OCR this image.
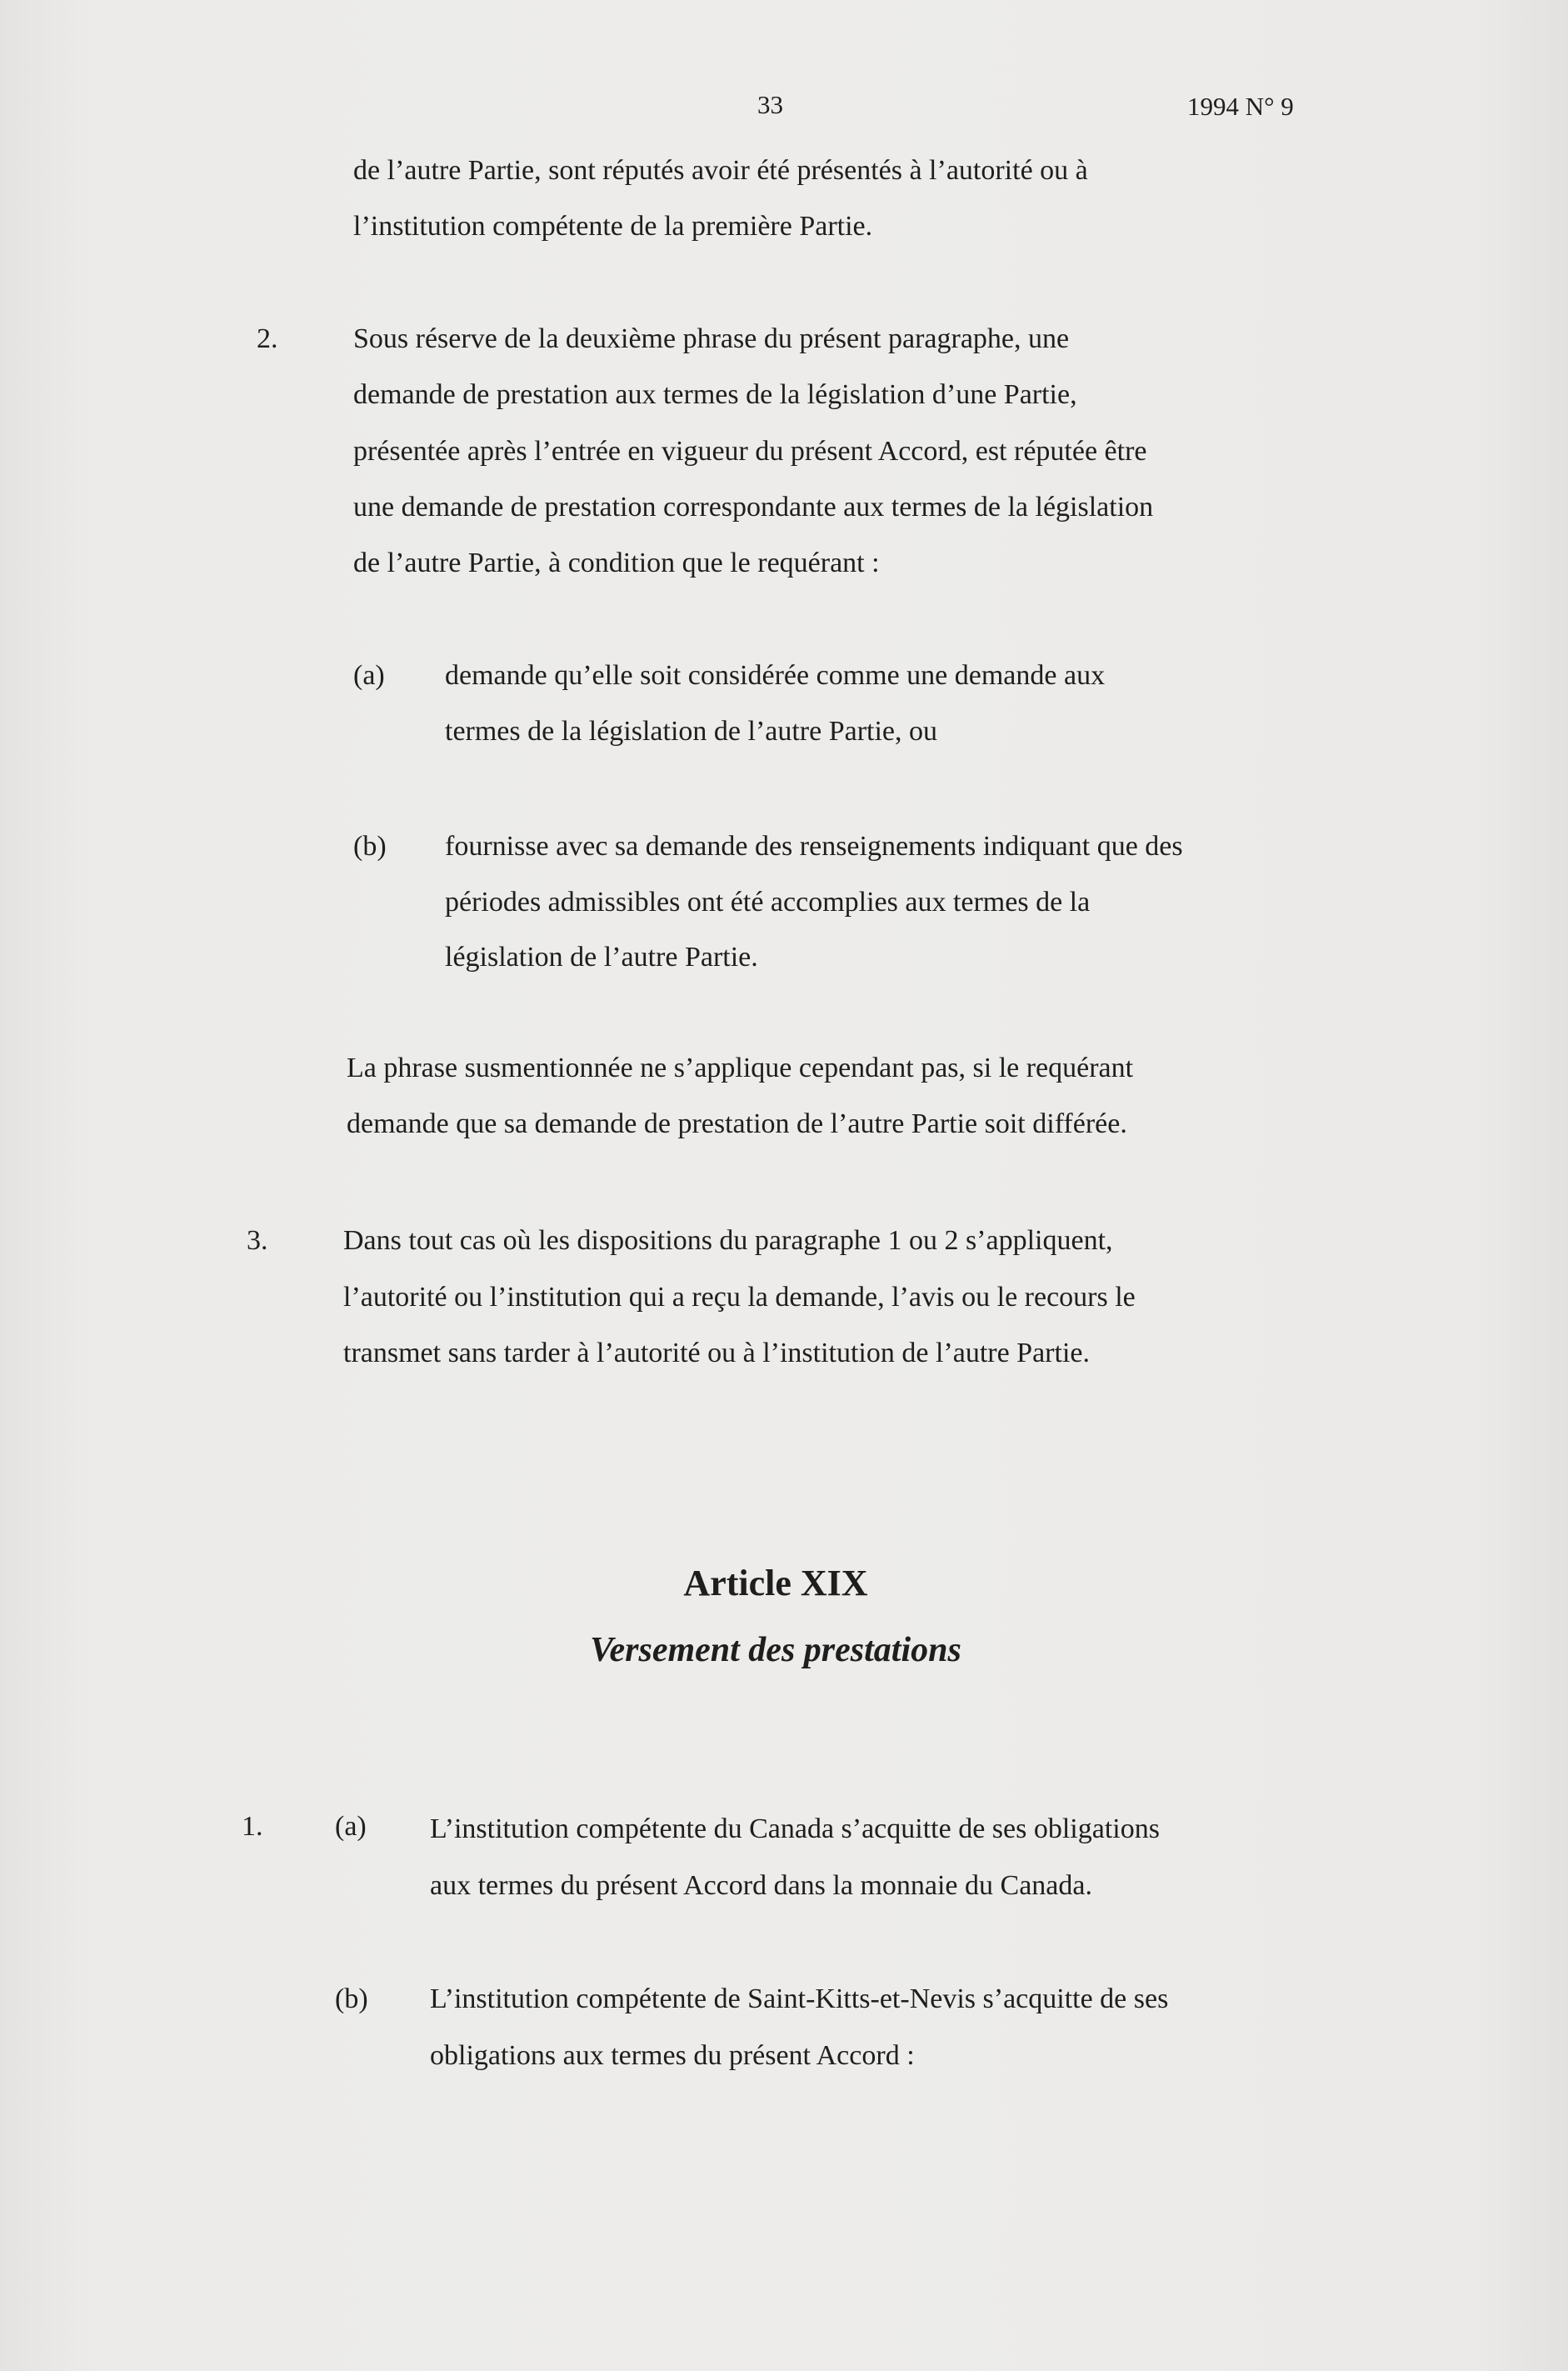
33	1994 N° 9
de l’autre Partie, sont réputés avoir été présentés à l’autorité ou à
l’institution compétente de la première Partie.
2.	Sous réserve de la deuxième phrase du présent paragraphe, une
demande de prestation aux termes de la législation d’une Partie,
présentée après l’entrée en vigueur du présent Accord, est réputée être
une demande de prestation correspondante aux termes de la législation
de l’autre Partie, à condition que le requérant :
(a) demande qu’elle soit considérée comme une demande aux
termes de la législation de l’autre Partie, ou
(b) fournisse avec sa demande des renseignements indiquant que des
périodes admissibles ont été accomplies aux termes de la
législation de l’autre Partie.
La phrase susmentionnée ne s’applique cependant pas, si le requérant
demande que sa demande de prestation de l’autre Partie soit différée.
3.	Dans tout cas où les dispositions du paragraphe 1 ou 2 s’appliquent,
l’autorité ou l’institution qui a reçu la demande, l’avis ou le recours le
transmet sans tarder à l’autorité ou à l’institution de l’autre Partie.
Article XIX
Versement des prestations
1.	(a) L’institution compétente du Canada s’acquitte de ses obligations
aux termes du présent Accord dans la monnaie du Canada.
(b) L’institution compétente de Saint-Kitts-et-Nevis s’acquitte de ses
obligations aux termes du présent Accord :
